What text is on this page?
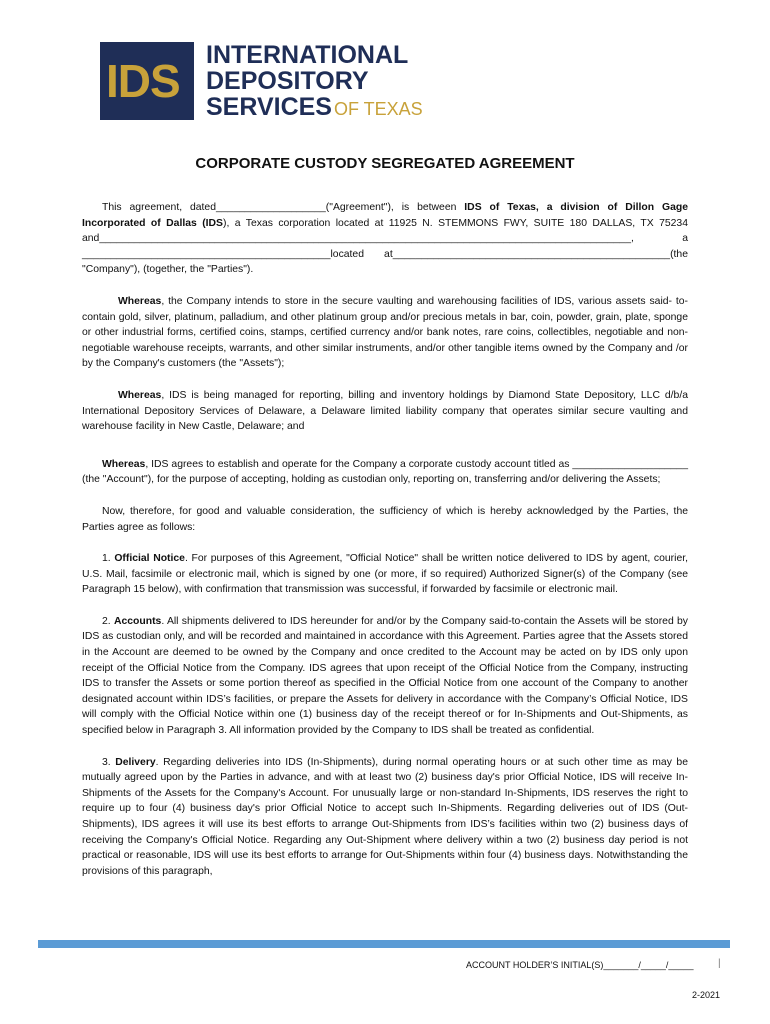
IDS INTERNATIONAL
DEPOSITORY
SERVICES OF TEXAS
CORPORATE CUSTODY SEGREGATED AGREEMENT

This agreement, dated___________________("Agreement"), is between IDS of Texas, a division of Dillon Gage Incorporated of Dallas (IDS), a Texas corporation located at 11925 N. STEMMONS FWY, SUITE 180 DALLAS, TX 75234 and____________________________________________________________________________________________, a ___________________________________________located at________________________________________________(the "Company"), (together, the "Parties").

Whereas, the Company intends to store in the secure vaulting and warehousing facilities of IDS, various assets said- to-contain gold, silver, platinum, palladium, and other platinum group and/or precious metals in bar, coin, powder, grain, plate, sponge or other industrial forms, certified coins, stamps, certified currency and/or bank notes, rare coins, collectibles, negotiable and non-negotiable warehouse receipts, warrants, and other similar instruments, and/or other tangible items owned by the Company and /or by the Company's customers (the "Assets");

Whereas, IDS is being managed for reporting, billing and inventory holdings by Diamond State Depository, LLC d/b/a International Depository Services of Delaware, a Delaware limited liability company that operates similar secure vaulting and warehouse facility in New Castle, Delaware; and

Whereas, IDS agrees to establish and operate for the Company a corporate custody account titled as ____________________ (the "Account"), for the purpose of accepting, holding as custodian only, reporting on, transferring and/or delivering the Assets;

Now, therefore, for good and valuable consideration, the sufficiency of which is hereby acknowledged by the Parties, the Parties agree as follows:

1. Official Notice. For purposes of this Agreement, "Official Notice" shall be written notice delivered to IDS by agent, courier, U.S. Mail, facsimile or electronic mail, which is signed by one (or more, if so required) Authorized Signer(s) of the Company (see Paragraph 15 below), with confirmation that transmission was successful, if forwarded by facsimile or electronic mail.

2. Accounts. All shipments delivered to IDS hereunder for and/or by the Company said-to-contain the Assets will be stored by IDS as custodian only, and will be recorded and maintained in accordance with this Agreement. Parties agree that the Assets stored in the Account are deemed to be owned by the Company and once credited to the Account may be acted on by IDS only upon receipt of the Official Notice from the Company. IDS agrees that upon receipt of the Official Notice from the Company, instructing IDS to transfer the Assets or some portion thereof as specified in the Official Notice from one account of the Company to another designated account within IDS’s facilities, or prepare the Assets for delivery in accordance with the Company’s Official Notice, IDS will comply with the Official Notice within one (1) business day of the receipt thereof or for In-Shipments and Out-Shipments, as specified below in Paragraph 3. All information provided by the Company to IDS shall be treated as confidential.

3. Delivery. Regarding deliveries into IDS (In-Shipments), during normal operating hours or at such other time as may be mutually agreed upon by the Parties in advance, and with at least two (2) business day's prior Official Notice, IDS will receive In-Shipments of the Assets for the Company's Account. For unusually large or non-standard In-Shipments, IDS reserves the right to require up to four (4) business day's prior Official Notice to accept such In-Shipments. Regarding deliveries out of IDS (Out-Shipments), IDS agrees it will use its best efforts to arrange Out-Shipments from IDS’s facilities within two (2) business days of receiving the Company's Official Notice. Regarding any Out-Shipment where delivery within a two (2) business day period is not practical or reasonable, IDS will use its best efforts to arrange for Out-Shipments within four (4) business days. Notwithstanding the provisions of this paragraph,

ACCOUNT HOLDER’S INITIAL(S)_______/_____/_____ |
2-2021
